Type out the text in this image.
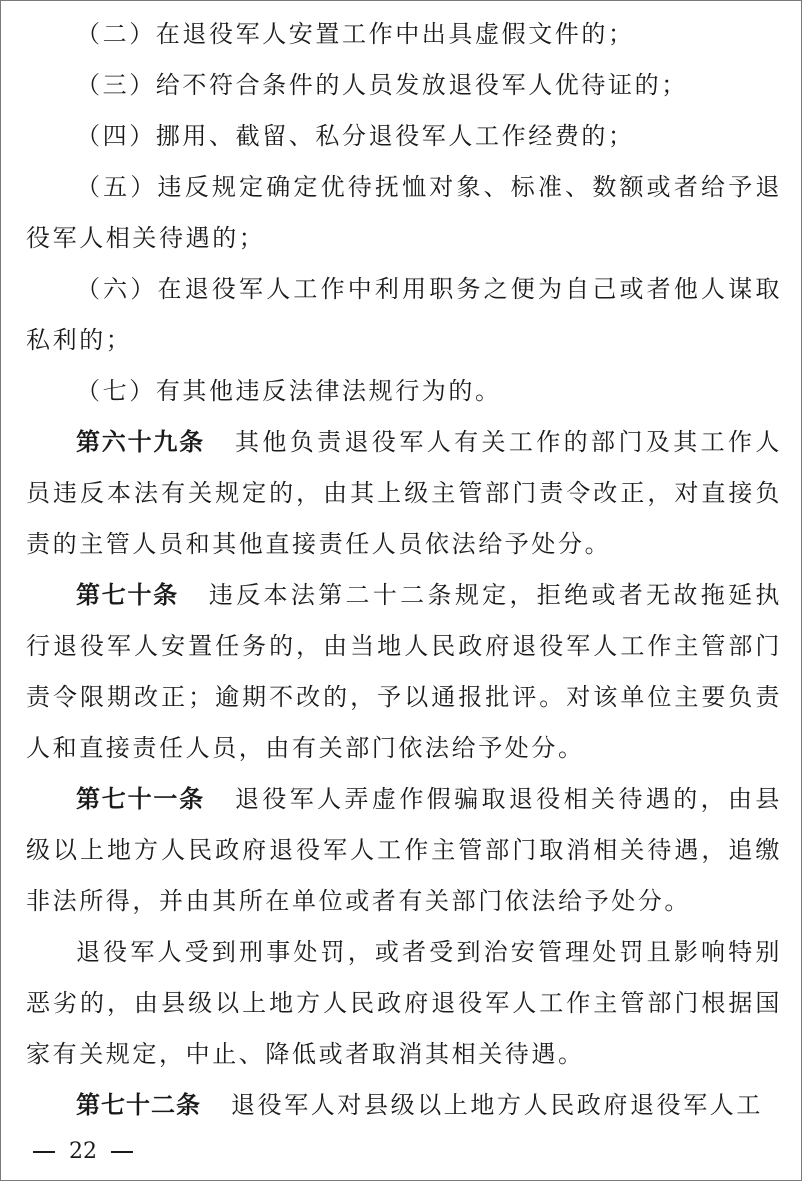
（二）在退役军人安置工作中出具虚假文件的；

（三）给不符合条件的人员发放退役军人优待证的；

（四）挪用、截留、私分退役军人工作经费的；

（五）违反规定确定优待抚恤对象、标准、数额或者给予退役军人相关待遇的；

（六）在退役军人工作中利用职务之便为自己或者他人谋取私利的；

（七）有其他违反法律法规行为的。

第六十九条 其他负责退役军人有关工作的部门及其工作人员违反本法有关规定的，由其上级主管部门责令改正，对直接负责的主管人员和其他直接责任人员依法给予处分。

第七十条 违反本法第二十二条规定，拒绝或者无故拖延执行退役军人安置任务的，由当地人民政府退役军人工作主管部门责令限期改正；逾期不改的，予以通报批评。对该单位主要负责人和直接责任人员，由有关部门依法给予处分。

第七十一条 退役军人弄虚作假骗取退役相关待遇的，由县级以上地方人民政府退役军人工作主管部门取消相关待遇，追缴非法所得，并由其所在单位或者有关部门依法给予处分。

退役军人受到刑事处罚，或者受到治安管理处罚且影响特别恶劣的，由县级以上地方人民政府退役军人工作主管部门根据国家有关规定，中止、降低或者取消其相关待遇。

第七十二条 退役军人对县级以上地方人民政府退役军人工

22
